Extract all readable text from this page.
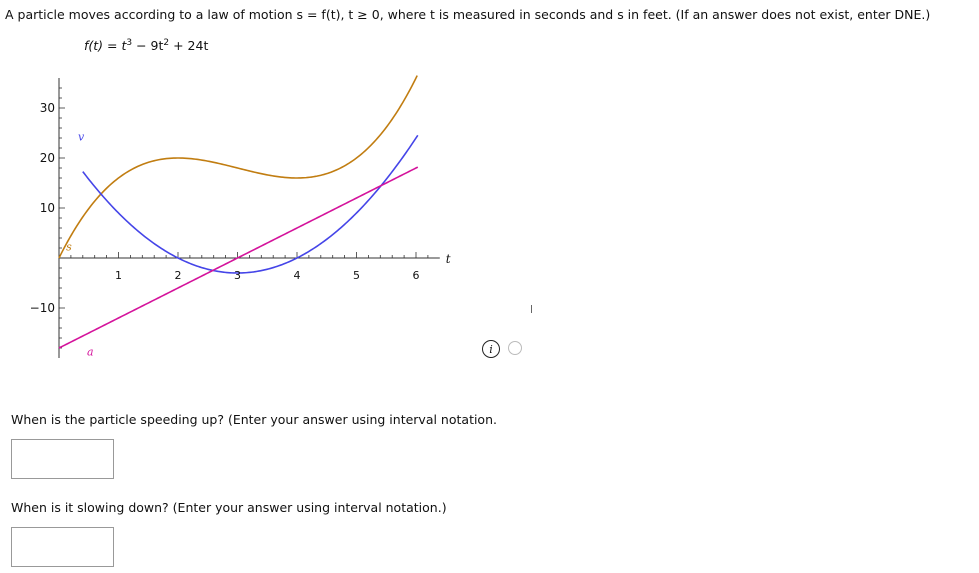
A particle moves according to a law of motion s = f(t), t ≥ 0, where t is measured in seconds and s in feet. (If an answer does not exist, enter DNE.)
$f(t) = t^3 - 9t^2 + 24t$
30
20
10
−10
1	2	3	4	5	6
t
v
s
a	i
When is the particle speeding up? (Enter your answer using interval notation.
When is it slowing down? (Enter your answer using interval notation.)
